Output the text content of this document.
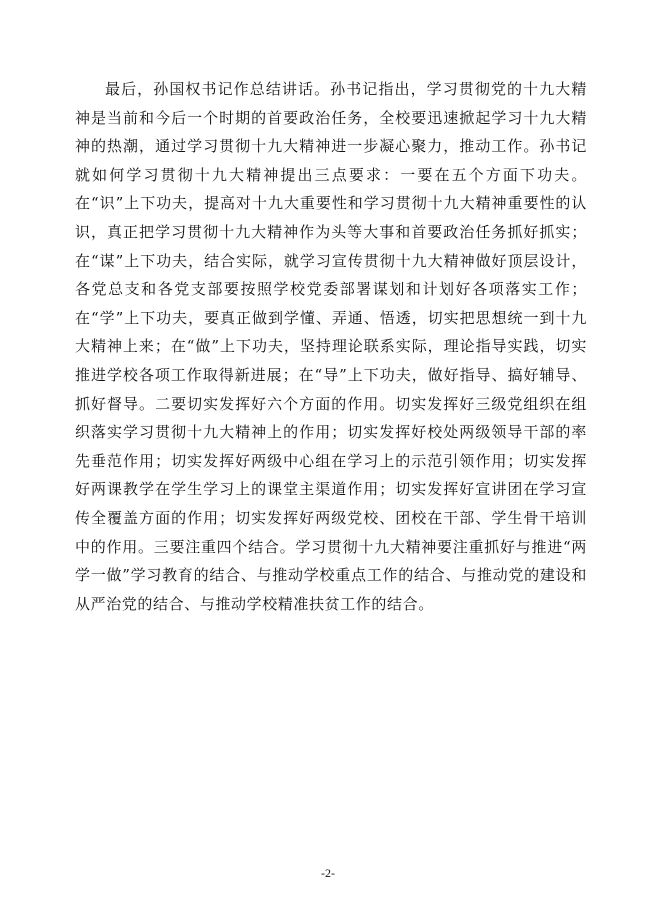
最后，孙国权书记作总结讲话。孙书记指出，学习贯彻党的十九大精神是当前和今后一个时期的首要政治任务，全校要迅速掀起学习十九大精神的热潮，通过学习贯彻十九大精神进一步凝心聚力，推动工作。孙书记就如何学习贯彻十九大精神提出三点要求：一要在五个方面下功夫。在“识”上下功夫，提高对十九大重要性和学习贯彻十九大精神重要性的认识，真正把学习贯彻十九大精神作为头等大事和首要政治任务抓好抓实；在“谋”上下功夫，结合实际，就学习宣传贯彻十九大精神做好顶层设计，各党总支和各党支部要按照学校党委部署谋划和计划好各项落实工作；在“学”上下功夫，要真正做到学懂、弄通、悟透，切实把思想统一到十九大精神上来；在“做”上下功夫，坚持理论联系实际，理论指导实践，切实推进学校各项工作取得新进展；在“导”上下功夫，做好指导、搞好辅导、抓好督导。二要切实发挥好六个方面的作用。切实发挥好三级党组织在组织落实学习贯彻十九大精神上的作用；切实发挥好校处两级领导干部的率先垂范作用；切实发挥好两级中心组在学习上的示范引领作用；切实发挥好两课教学在学生学习上的课堂主渠道作用；切实发挥好宣讲团在学习宣传全覆盖方面的作用；切实发挥好两级党校、团校在干部、学生骨干培训中的作用。三要注重四个结合。学习贯彻十九大精神要注重抓好与推进“两学一做”学习教育的结合、与推动学校重点工作的结合、与推动党的建设和从严治党的结合、与推动学校精准扶贫工作的结合。

-2-
